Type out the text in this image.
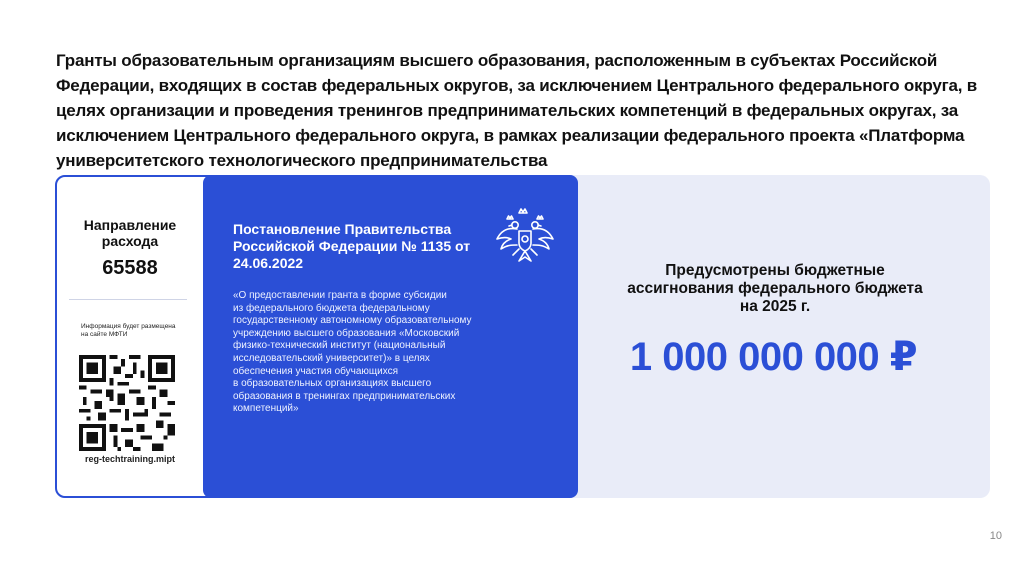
Гранты образовательным организациям высшего образования, расположенным в субъектах Российской Федерации, входящих в состав федеральных округов, за исключением Центрального федерального округа, в целях организации и проведения тренингов предпринимательских компетенций в федеральных округах, за исключением Центрального федерального округа, в рамках реализации федерального проекта «Платформа университетского технологического предпринимательства
Направление расхода
65588
Информация будет размещена на сайте МФТИ
reg-techtraining.mipt
Постановление Правительства Российской Федерации № 1135 от 24.06.2022
«О предоставлении гранта в форме субсидии
из федерального бюджета федеральному
государственному автономному образовательному
учреждению высшего образования «Московский
физико-технический институт (национальный
исследовательский университет)» в целях
обеспечения участия обучающихся
в образовательных организациях высшего
образования в тренингах предпринимательских
компетенций»
Предусмотрены бюджетные ассигнования федерального бюджета на 2025 г.
1 000 000 000 ₽
10
